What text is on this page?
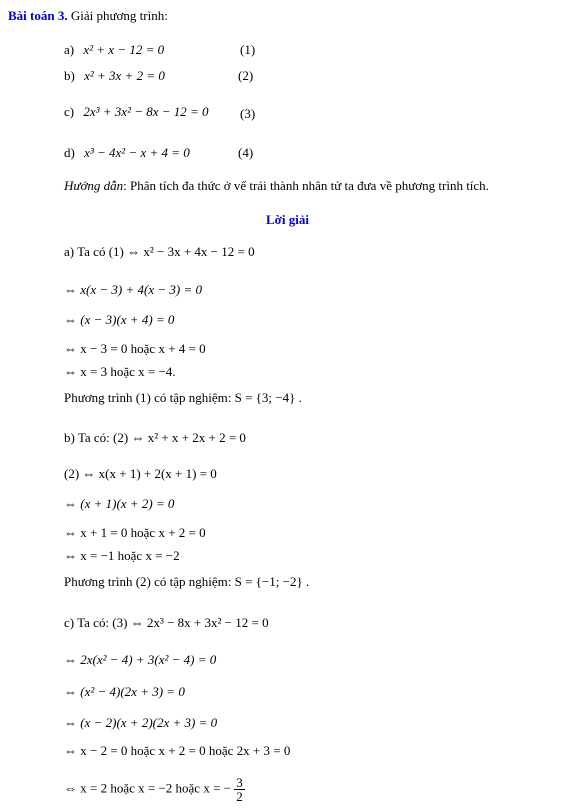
Bài toán 3. Giải phương trình:
a) x² + x − 12 = 0	(1)
b) x² + 3x + 2 = 0	(2)
c) 2x³ + 3x² − 8x − 12 = 0 (3)
d) x³ − 4x² − x + 4 = 0	(4)
Hướng dẫn: Phân tích đa thức ở vế trái thành nhân tử ta đưa về phương trình tích.
Lời giải
a) Ta có (1) ⇔ x² − 3x + 4x − 12 = 0
⇔ x(x − 3) + 4(x − 3) = 0
⇔ (x − 3)(x + 4) = 0
⇔ x − 3 = 0 hoặc x + 4 = 0
⇔ x = 3 hoặc x = −4.
Phương trình (1) có tập nghiệm: S = {3; −4} .
b) Ta có: (2) ⇔ x² + x + 2x + 2 = 0
(2) ⇔ x(x + 1) + 2(x + 1) = 0
⇔ (x + 1)(x + 2) = 0
⇔ x + 1 = 0 hoặc x + 2 = 0
⇔ x = −1 hoặc x = −2
Phương trình (2) có tập nghiệm: S = {−1; −2} .
c) Ta có: (3) ⇔ 2x³ − 8x + 3x² − 12 = 0
⇔ 2x(x² − 4) + 3(x² − 4) = 0
⇔ (x² − 4)(2x + 3) = 0
⇔ (x − 2)(x + 2)(2x + 3) = 0
⇔ x − 2 = 0 hoặc x + 2 = 0 hoặc 2x + 3 = 0
⇔ x = 2 hoặc x = −2 hoặc x = − $\frac{3}{2}$
